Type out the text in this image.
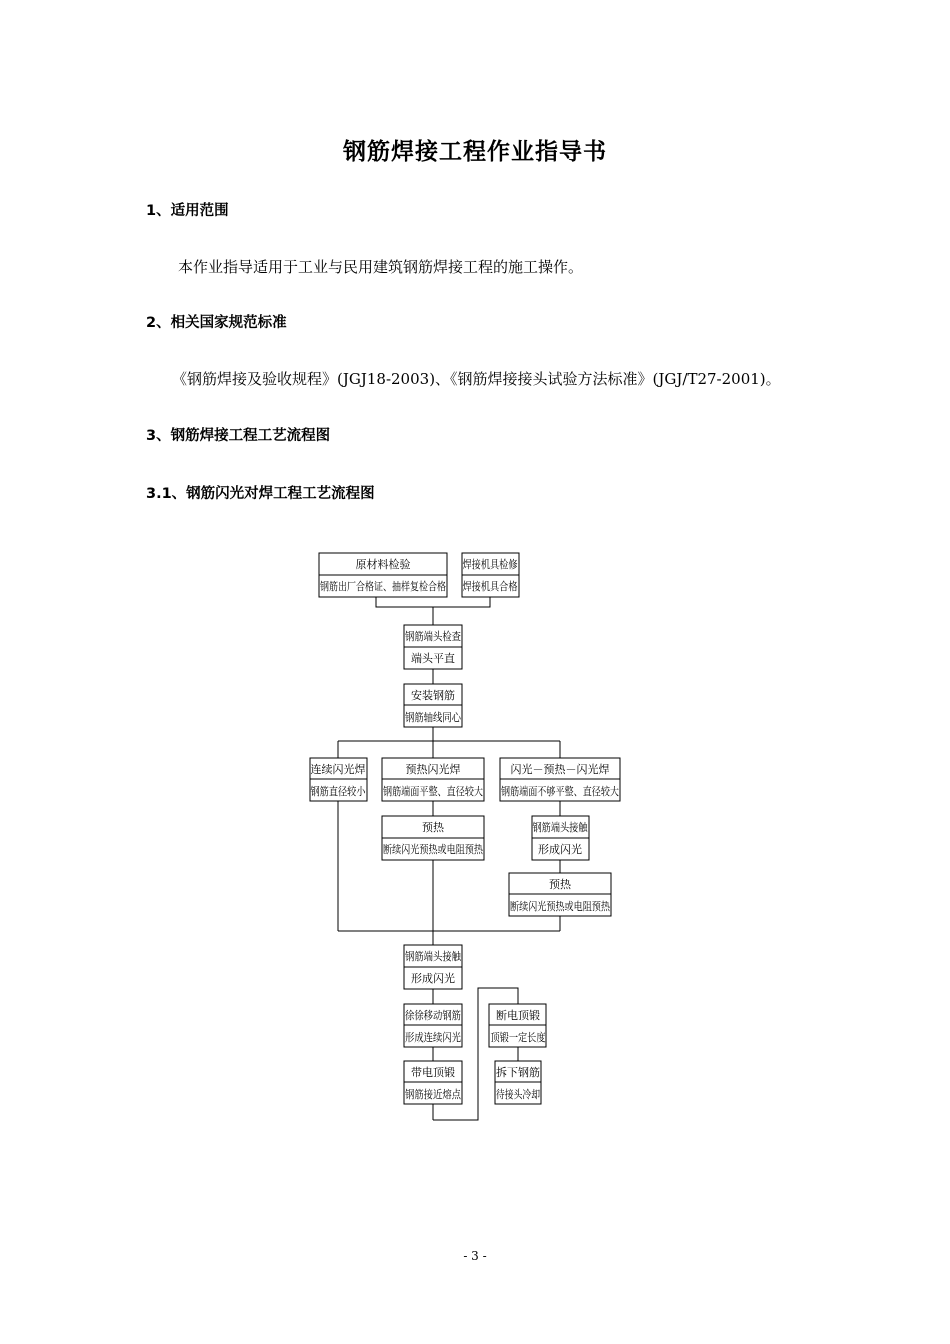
钢筋焊接工程作业指导书
1、适用范围
本作业指导适用于工业与民用建筑钢筋焊接工程的施工操作。
2、相关国家规范标准
《钢筋焊接及验收规程》(JGJ18-2003)、《钢筋焊接接头试验方法标准》(JGJ/T27-2001)。
3、钢筋焊接工程工艺流程图
3.1、钢筋闪光对焊工程工艺流程图
原材料检验
钢筋出厂合格证、抽样复检合格
焊接机具检修
焊接机具合格
钢筋端头检查
端头平直
安装钢筋
钢筋轴线同心
连续闪光焊
钢筋直径较小
预热闪光焊
钢筋端面平整、直径较大
闪光－预热－闪光焊
钢筋端面不够平整、直径较大
预热
断续闪光预热或电阻预热
钢筋端头接触
形成闪光
预热
断续闪光预热或电阻预热
钢筋端头接触
形成闪光
徐徐移动钢筋
形成连续闪光
断电顶锻
顶锻一定长度
带电顶锻
钢筋接近熔点
拆下钢筋
待接头冷却
- 3 -
